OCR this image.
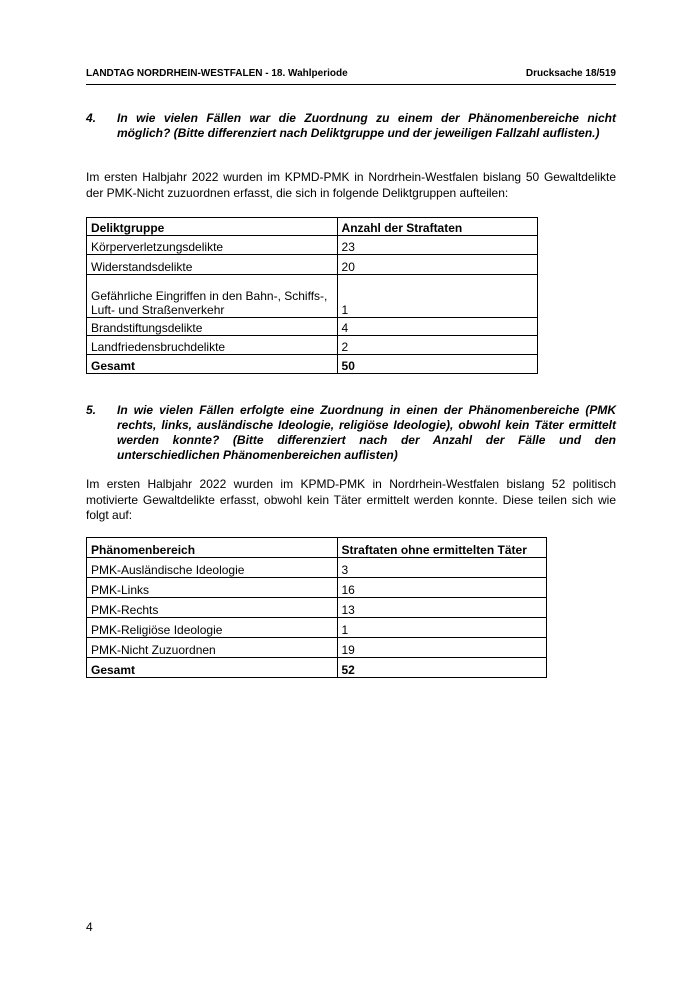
LANDTAG NORDRHEIN-WESTFALEN - 18. Wahlperiode	Drucksache 18/519
4.	In wie vielen Fällen war die Zuordnung zu einem der Phänomenbereiche nicht möglich? (Bitte differenziert nach Deliktgruppe und der jeweiligen Fallzahl auflisten.)
Im ersten Halbjahr 2022 wurden im KPMD-PMK in Nordrhein-Westfalen bislang 50 Gewaltdelikte der PMK-Nicht zuzuordnen erfasst, die sich in folgende Deliktgruppen aufteilen:
Deliktgruppe	Anzahl der Straftaten
Körperverletzungsdelikte	23
Widerstandsdelikte	20
Gefährliche Eingriffen in den Bahn-, Schiffs-, Luft- und Straßenverkehr	1
Brandstiftungsdelikte	4
Landfriedensbruchdelikte	2
Gesamt	50
5.	In wie vielen Fällen erfolgte eine Zuordnung in einen der Phänomenbereiche (PMK rechts, links, ausländische Ideologie, religiöse Ideologie), obwohl kein Täter ermittelt werden konnte? (Bitte differenziert nach der Anzahl der Fälle und den unterschiedlichen Phänomenbereichen auflisten)
Im ersten Halbjahr 2022 wurden im KPMD-PMK in Nordrhein-Westfalen bislang 52 politisch motivierte Gewaltdelikte erfasst, obwohl kein Täter ermittelt werden konnte. Diese teilen sich wie folgt auf:
Phänomenbereich	Straftaten ohne ermittelten Täter
PMK-Ausländische Ideologie	3
PMK-Links	16
PMK-Rechts	13
PMK-Religiöse Ideologie	1
PMK-Nicht Zuzuordnen	19
Gesamt	52
4
